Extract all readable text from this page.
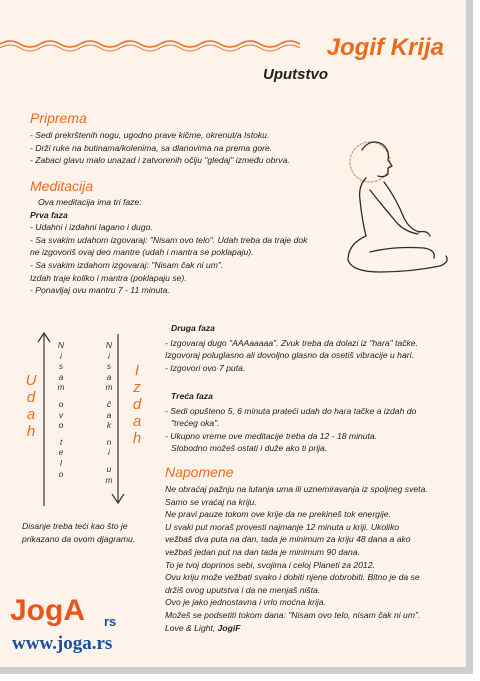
Jogif Krija
Uputstvo
Priprema
- Sedi prekrštenih nogu, ugodno prave kičme, okrenut/a Istoku.
- Drži ruke na butinama/kolenima, sa dlanovima na prema gore.
- Zabaci glavu malo unazad i zatvorenih očiju "gledaj" između obrva.
Meditacija
Ova meditacija ima tri faze:
Prva faza
- Udahni i izdahni lagano i dugo.
- Sa svakim udahom izgovaraj: "Nisam ovo telo". Udah treba da traje dok
ne izgovoriš ovaj deo mantre (udah i mantra se poklapaju).
- Sa svakim izdahom izgovaraj: "Nisam čak ni um".
Izdah traje koliko i mantra (poklapaju se).
- Ponavljaj ovu mantru 7 - 11 minuta.
U
d
a
h
N
i
s
a
m
o
v
o
t
e
l
o
N
i
s
a
m
č
a
k
n
i
u
m
I
z
d
a
h
Disanje treba teći kao što je
prikazano da ovom djagramu.
Druga faza
- Izgovaraj dugo "AAAaaaaa". Zvuk treba da dolazi iz "hara" tačke.
Izgovoraj poluglasno ali dovoljno glasno da osetiš vibracije u hari.
- Izgovori ovo 7 puta.
Treća faza
- Sedi opušteno 5, 6 minuta prateći udah do hara tačke a izdah do
"trećeg oka".
- Ukupno vreme ove meditacije treba da 12 - 18 minuta.
Slobodno možeš ostati i duže ako ti prija.
Napomene
Ne obraćaj pažnju na lutanja uma ili uznemiravanja iz spoljneg sveta.
Samo se vraćaj na kriju.
Ne pravi pauze tokom ove krije da ne prekineš tok energije.
U svaki put moraš provesti najmanje 12 minuta u kriji. Ukoliko
vežbaš dva puta na dan, tada je minimum za kriju 48 dana a ako
vežbaš jedan put na dan tada je minimum 90 dana.
To je tvoj doprinos sebi, svojima i celoj Planeti za 2012.
Ovu kriju može vežbati svako i dobiti njene dobrobiti. Bitno je da se
držiš ovog uputstva i da ne menjaš ništa.
Ovo je jako jednostavna i vrlo moćna krija.
Možeš se podsetiti tokom dana: "Nisam ovo telo, nisam čak ni um".
Love & Light, JogiF
JogA rs
www.joga.rs
